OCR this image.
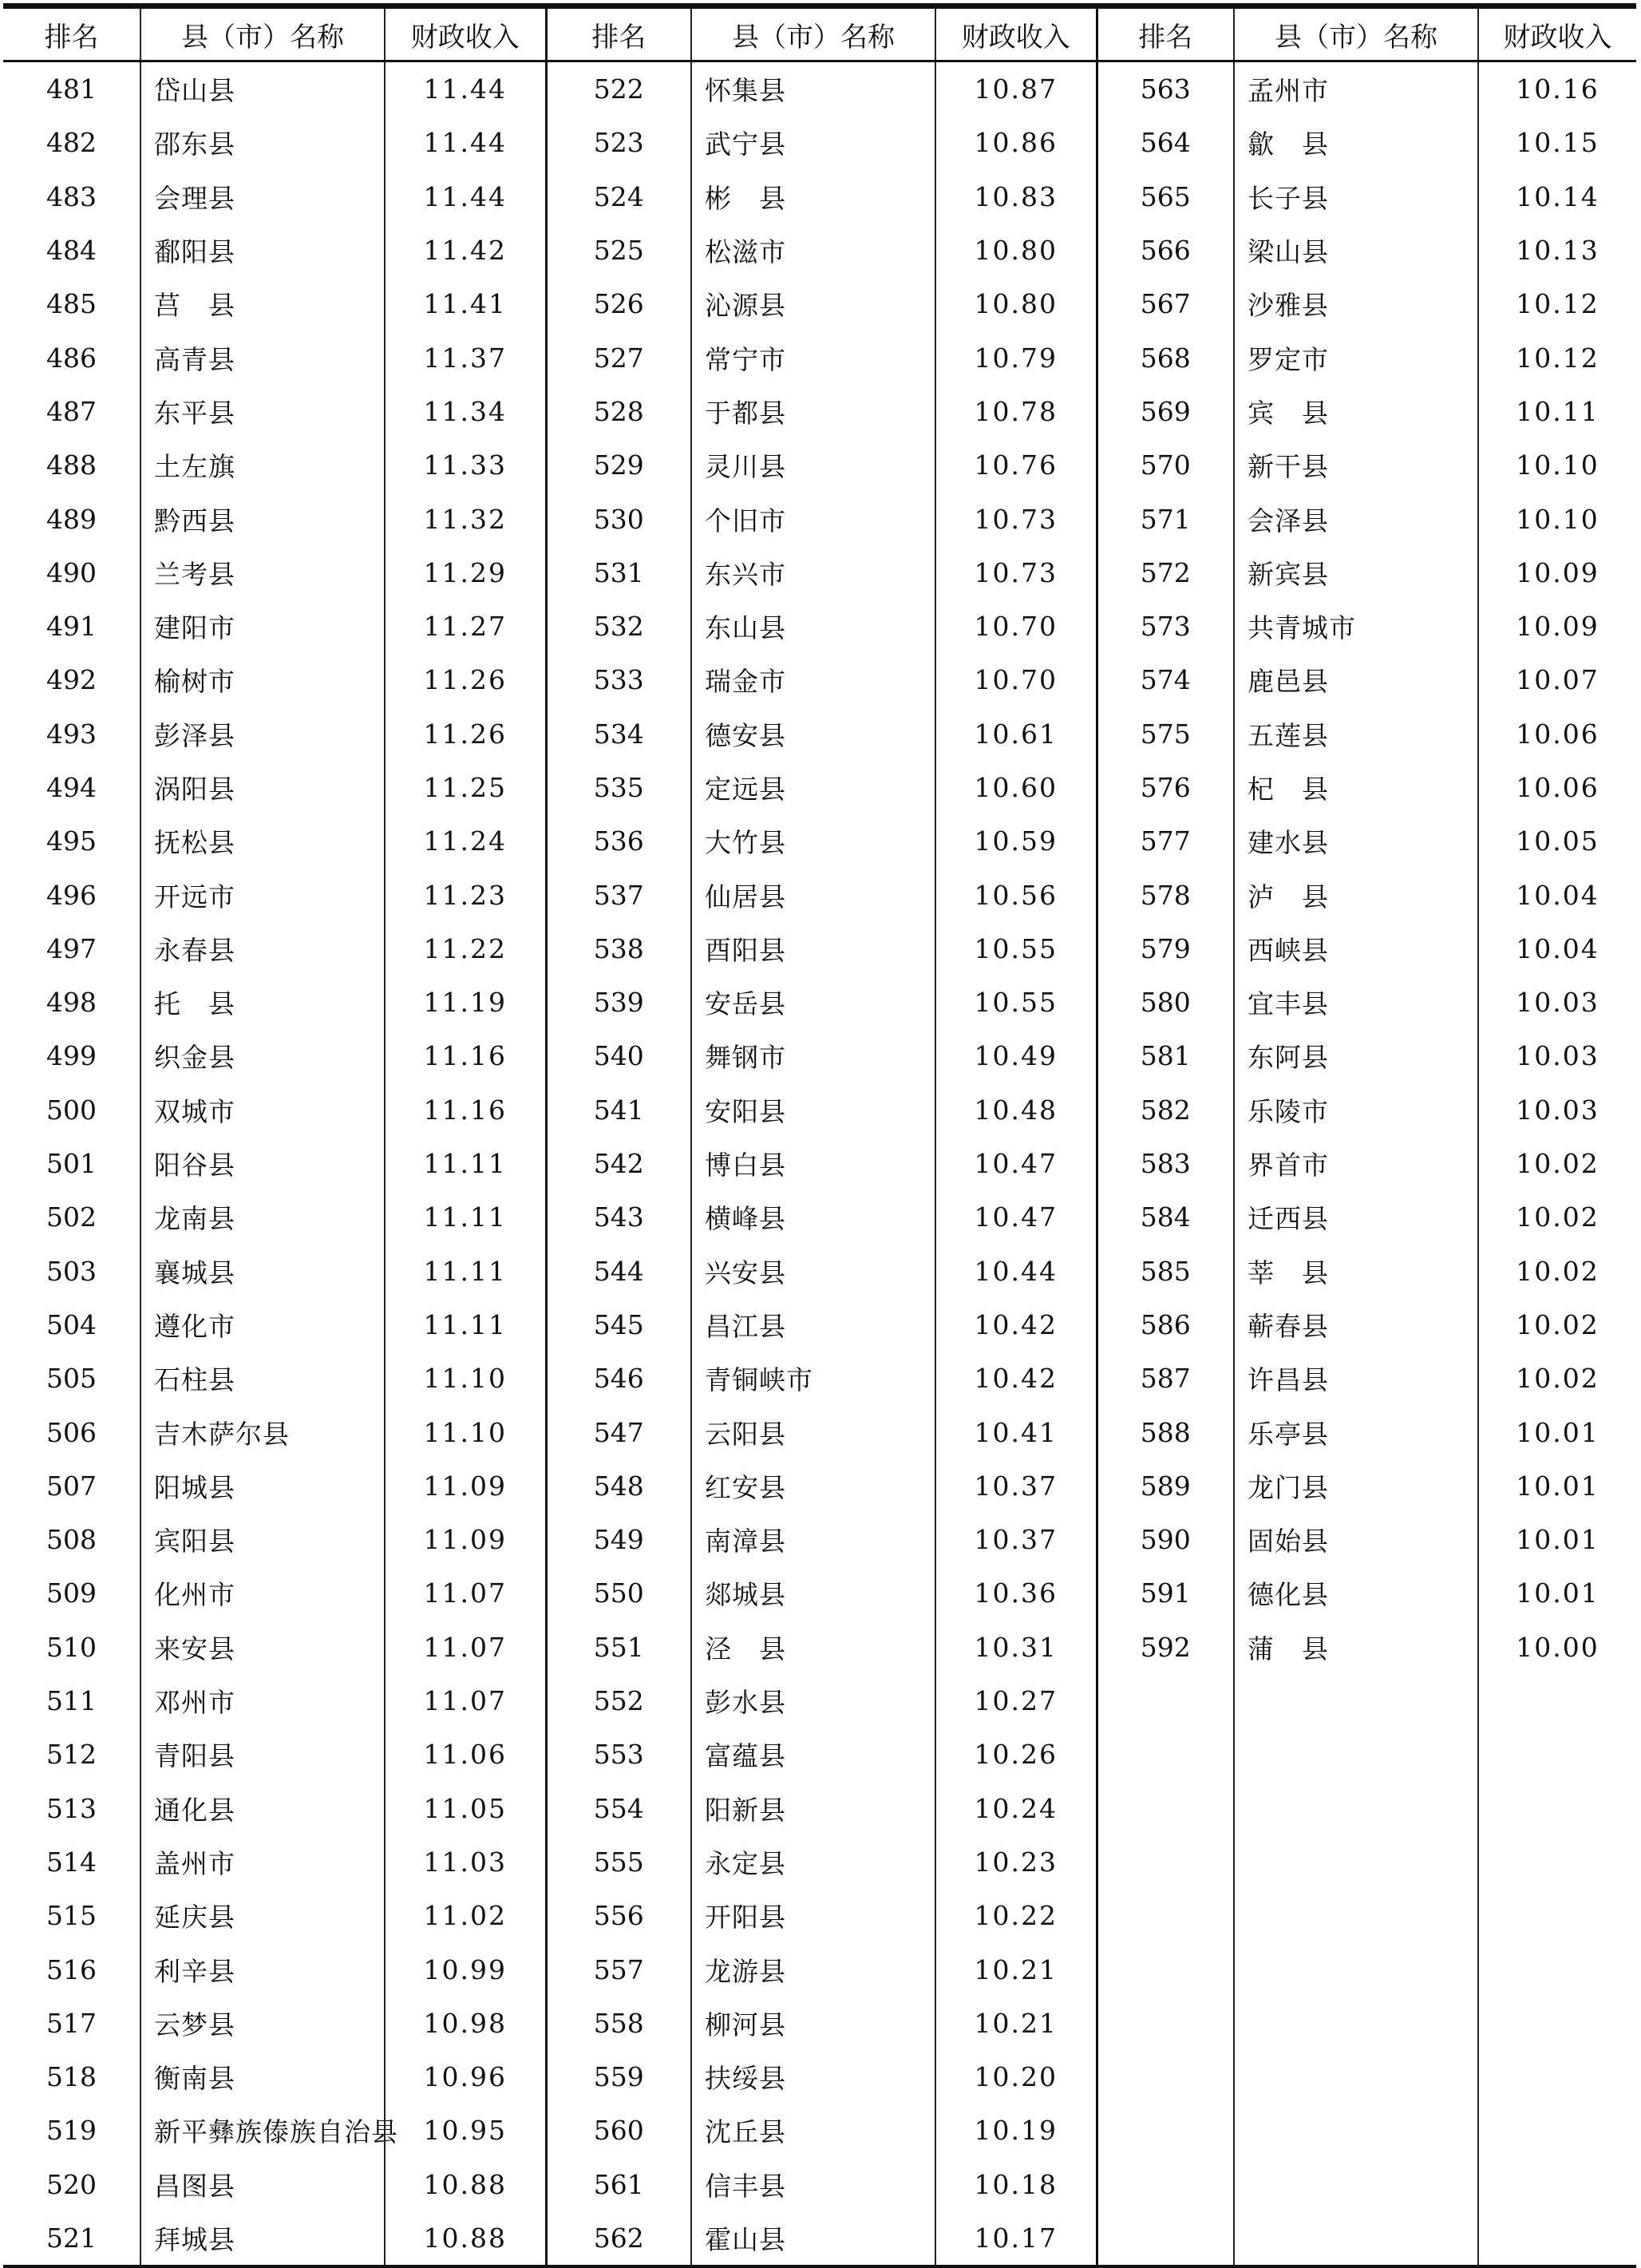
排名	县（市）名称	财政收入	排名	县（市）名称	财政收入	排名	县（市）名称	财政收入
481	岱山县	11.44	522	怀集县	10.87	563	孟州市	10.16
482	邵东县	11.44	523	武宁县	10.86	564	歙　县	10.15
483	会理县	11.44	524	彬　县	10.83	565	长子县	10.14
484	鄱阳县	11.42	525	松滋市	10.80	566	梁山县	10.13
485	莒　县	11.41	526	沁源县	10.80	567	沙雅县	10.12
486	高青县	11.37	527	常宁市	10.79	568	罗定市	10.12
487	东平县	11.34	528	于都县	10.78	569	宾　县	10.11
488	土左旗	11.33	529	灵川县	10.76	570	新干县	10.10
489	黔西县	11.32	530	个旧市	10.73	571	会泽县	10.10
490	兰考县	11.29	531	东兴市	10.73	572	新宾县	10.09
491	建阳市	11.27	532	东山县	10.70	573	共青城市	10.09
492	榆树市	11.26	533	瑞金市	10.70	574	鹿邑县	10.07
493	彭泽县	11.26	534	德安县	10.61	575	五莲县	10.06
494	涡阳县	11.25	535	定远县	10.60	576	杞　县	10.06
495	抚松县	11.24	536	大竹县	10.59	577	建水县	10.05
496	开远市	11.23	537	仙居县	10.56	578	泸　县	10.04
497	永春县	11.22	538	酉阳县	10.55	579	西峡县	10.04
498	托　县	11.19	539	安岳县	10.55	580	宜丰县	10.03
499	织金县	11.16	540	舞钢市	10.49	581	东阿县	10.03
500	双城市	11.16	541	安阳县	10.48	582	乐陵市	10.03
501	阳谷县	11.11	542	博白县	10.47	583	界首市	10.02
502	龙南县	11.11	543	横峰县	10.47	584	迁西县	10.02
503	襄城县	11.11	544	兴安县	10.44	585	莘　县	10.02
504	遵化市	11.11	545	昌江县	10.42	586	蕲春县	10.02
505	石柱县	11.10	546	青铜峡市	10.42	587	许昌县	10.02
506	吉木萨尔县	11.10	547	云阳县	10.41	588	乐亭县	10.01
507	阳城县	11.09	548	红安县	10.37	589	龙门县	10.01
508	宾阳县	11.09	549	南漳县	10.37	590	固始县	10.01
509	化州市	11.07	550	郯城县	10.36	591	德化县	10.01
510	来安县	11.07	551	泾　县	10.31	592	蒲　县	10.00
511	邓州市	11.07	552	彭水县	10.27			
512	青阳县	11.06	553	富蕴县	10.26			
513	通化县	11.05	554	阳新县	10.24			
514	盖州市	11.03	555	永定县	10.23			
515	延庆县	11.02	556	开阳县	10.22			
516	利辛县	10.99	557	龙游县	10.21			
517	云梦县	10.98	558	柳河县	10.21			
518	衡南县	10.96	559	扶绥县	10.20			
519	新平彝族傣族自治县	10.95	560	沈丘县	10.19			
520	昌图县	10.88	561	信丰县	10.18			
521	拜城县	10.88	562	霍山县	10.17			
